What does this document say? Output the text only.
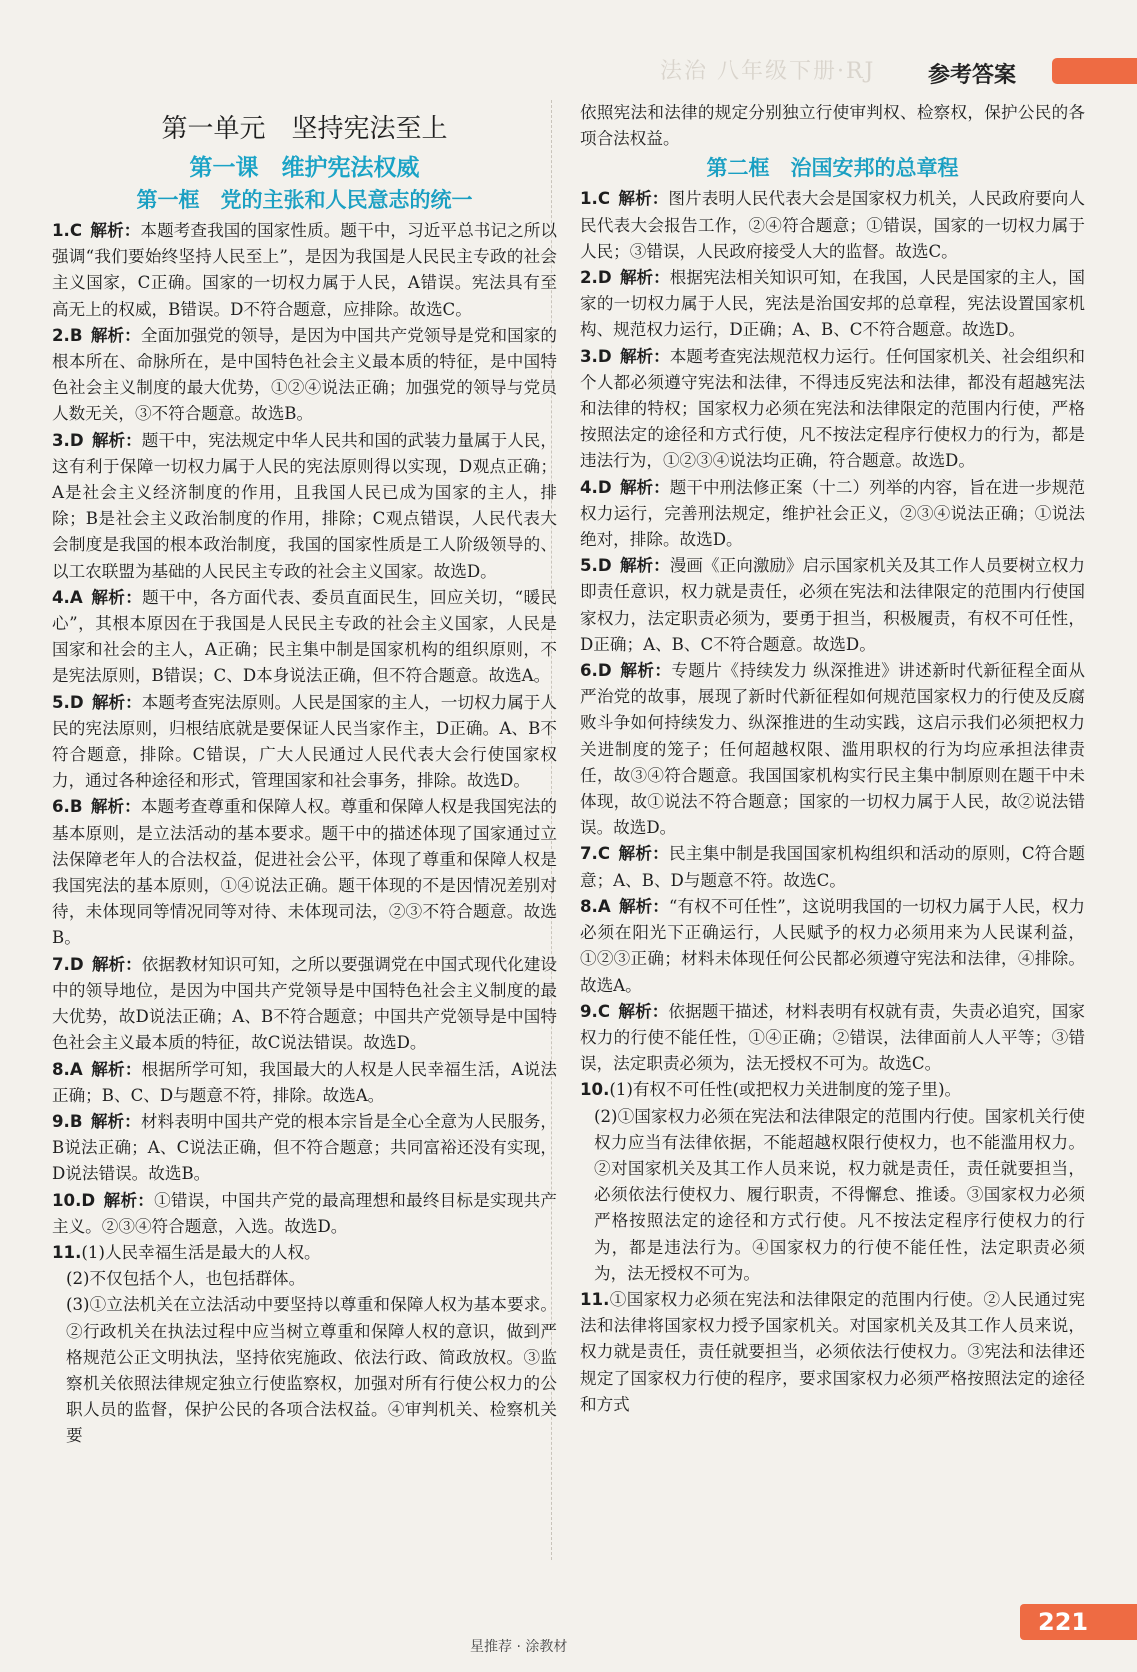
法治 八年级下册·RJ 参考答案
第一单元　坚持宪法至上
第一课　维护宪法权威
第一框　党的主张和人民意志的统一

1.C  解析：本题考查我国的国家性质。题干中，习近平总书记之所以强调“我们要始终坚持人民至上”，是因为我国是人民民主专政的社会主义国家，C正确。国家的一切权力属于人民，A错误。宪法具有至高无上的权威，B错误。D不符合题意，应排除。故选C。

2.B  解析：全面加强党的领导，是因为中国共产党领导是党和国家的根本所在、命脉所在，是中国特色社会主义最本质的特征，是中国特色社会主义制度的最大优势，①②④说法正确；加强党的领导与党员人数无关，③不符合题意。故选B。

3.D  解析：题干中，宪法规定中华人民共和国的武装力量属于人民，这有利于保障一切权力属于人民的宪法原则得以实现，D观点正确；A是社会主义经济制度的作用，且我国人民已成为国家的主人，排除；B是社会主义政治制度的作用，排除；C观点错误，人民代表大会制度是我国的根本政治制度，我国的国家性质是工人阶级领导的、以工农联盟为基础的人民民主专政的社会主义国家。故选D。

4.A  解析：题干中，各方面代表、委员直面民生，回应关切，“暖民心”，其根本原因在于我国是人民民主专政的社会主义国家，人民是国家和社会的主人，A正确；民主集中制是国家机构的组织原则，不是宪法原则，B错误；C、D本身说法正确，但不符合题意。故选A。

5.D  解析：本题考查宪法原则。人民是国家的主人，一切权力属于人民的宪法原则，归根结底就是要保证人民当家作主，D正确。A、B不符合题意，排除。C错误，广大人民通过人民代表大会行使国家权力，通过各种途径和形式，管理国家和社会事务，排除。故选D。

6.B  解析：本题考查尊重和保障人权。尊重和保障人权是我国宪法的基本原则，是立法活动的基本要求。题干中的描述体现了国家通过立法保障老年人的合法权益，促进社会公平，体现了尊重和保障人权是我国宪法的基本原则，①④说法正确。题干体现的不是因情况差别对待，未体现同等情况同等对待、未体现司法，②③不符合题意。故选B。

7.D  解析：依据教材知识可知，之所以要强调党在中国式现代化建设中的领导地位，是因为中国共产党领导是中国特色社会主义制度的最大优势，故D说法正确；A、B不符合题意；中国共产党领导是中国特色社会主义最本质的特征，故C说法错误。故选D。

8.A  解析：根据所学可知，我国最大的人权是人民幸福生活，A说法正确；B、C、D与题意不符，排除。故选A。

9.B  解析：材料表明中国共产党的根本宗旨是全心全意为人民服务，B说法正确；A、C说法正确，但不符合题意；共同富裕还没有实现，D说法错误。故选B。

10.D  解析：①错误，中国共产党的最高理想和最终目标是实现共产主义。②③④符合题意，入选。故选D。

11.(1)人民幸福生活是最大的人权。

(2)不仅包括个人，也包括群体。

(3)①立法机关在立法活动中要坚持以尊重和保障人权为基本要求。②行政机关在执法过程中应当树立尊重和保障人权的意识，做到严格规范公正文明执法，坚持依宪施政、依法行政、简政放权。③监察机关依照法律规定独立行使监察权，加强对所有行使公权力的公职人员的监督，保护公民的各项合法权益。④审判机关、检察机关要

依照宪法和法律的规定分别独立行使审判权、检察权，保护公民的各项合法权益。

第二框　治国安邦的总章程

1.C  解析：图片表明人民代表大会是国家权力机关，人民政府要向人民代表大会报告工作，②④符合题意；①错误，国家的一切权力属于人民；③错误，人民政府接受人大的监督。故选C。

2.D  解析：根据宪法相关知识可知，在我国，人民是国家的主人，国家的一切权力属于人民，宪法是治国安邦的总章程，宪法设置国家机构、规范权力运行，D正确；A、B、C不符合题意。故选D。

3.D  解析：本题考查宪法规范权力运行。任何国家机关、社会组织和个人都必须遵守宪法和法律，不得违反宪法和法律，都没有超越宪法和法律的特权；国家权力必须在宪法和法律限定的范围内行使，严格按照法定的途径和方式行使，凡不按法定程序行使权力的行为，都是违法行为，①②③④说法均正确，符合题意。故选D。

4.D  解析：题干中刑法修正案（十二）列举的内容，旨在进一步规范权力运行，完善刑法规定，维护社会正义，②③④说法正确；①说法绝对，排除。故选D。

5.D  解析：漫画《正向激励》启示国家机关及其工作人员要树立权力即责任意识，权力就是责任，必须在宪法和法律限定的范围内行使国家权力，法定职责必须为，要勇于担当，积极履责，有权不可任性，D正确；A、B、C不符合题意。故选D。

6.D  解析：专题片《持续发力 纵深推进》讲述新时代新征程全面从严治党的故事，展现了新时代新征程如何规范国家权力的行使及反腐败斗争如何持续发力、纵深推进的生动实践，这启示我们必须把权力关进制度的笼子；任何超越权限、滥用职权的行为均应承担法律责任，故③④符合题意。我国国家机构实行民主集中制原则在题干中未体现，故①说法不符合题意；国家的一切权力属于人民，故②说法错误。故选D。

7.C  解析：民主集中制是我国国家机构组织和活动的原则，C符合题意；A、B、D与题意不符。故选C。

8.A  解析：“有权不可任性”，这说明我国的一切权力属于人民，权力必须在阳光下正确运行，人民赋予的权力必须用来为人民谋利益，①②③正确；材料未体现任何公民都必须遵守宪法和法律，④排除。故选A。

9.C  解析：依据题干描述，材料表明有权就有责，失责必追究，国家权力的行使不能任性，①④正确；②错误，法律面前人人平等；③错误，法定职责必须为，法无授权不可为。故选C。

10.(1)有权不可任性(或把权力关进制度的笼子里)。

(2)①国家权力必须在宪法和法律限定的范围内行使。国家机关行使权力应当有法律依据，不能超越权限行使权力，也不能滥用权力。②对国家机关及其工作人员来说，权力就是责任，责任就要担当，必须依法行使权力、履行职责，不得懈怠、推诿。③国家权力必须严格按照法定的途径和方式行使。凡不按法定程序行使权力的行为，都是违法行为。④国家权力的行使不能任性，法定职责必须为，法无授权不可为。

11.①国家权力必须在宪法和法律限定的范围内行使。②人民通过宪法和法律将国家权力授予国家机关。对国家机关及其工作人员来说，权力就是责任，责任就要担当，必须依法行使权力。③宪法和法律还规定了国家权力行使的程序，要求国家权力必须严格按照法定的途径和方式

星推荐 · 涂教材
221
